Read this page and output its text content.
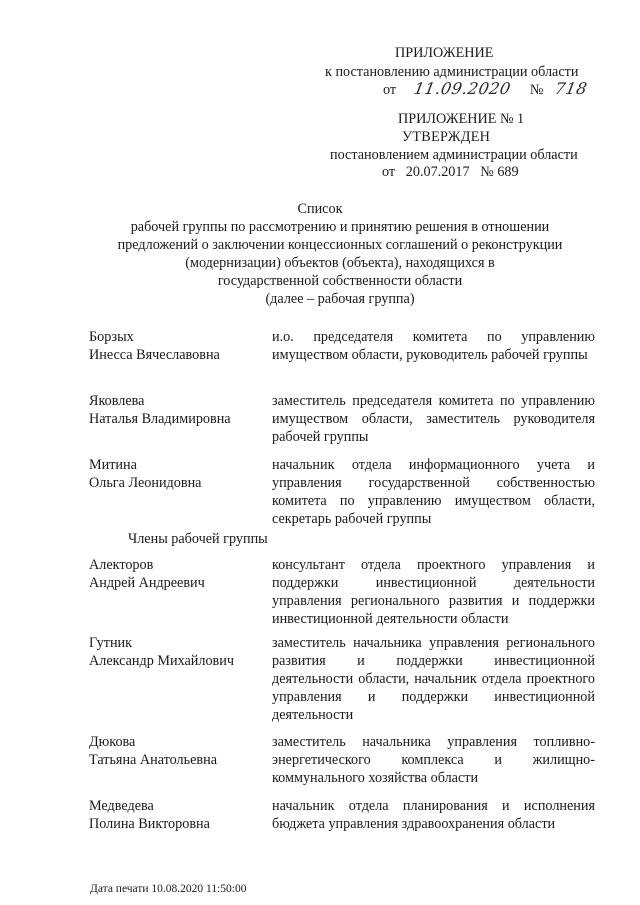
ПРИЛОЖЕНИЕ
к постановлению администрации области
от 11.09.2020 № 718
ПРИЛОЖЕНИЕ № 1
УТВЕРЖДЕН
постановлением администрации области
от   20.07.2017   № 689
Список
рабочей группы по рассмотрению и принятию решения в отношении
предложений о заключении концессионных соглашений о реконструкции
(модернизации) объектов (объекта), находящихся в
государственной собственности области
(далее – рабочая группа)
Борзых
Инесса Вячеславовна
и.о. председателя комитета по управлению имуществом области, руководитель рабочей группы
Яковлева
Наталья Владимировна
заместитель председателя комитета по управлению имуществом области, заместитель руководителя рабочей группы
Митина
Ольга Леонидовна
начальник отдела информационного учета и управления государственной собственностью комитета по управлению имуществом области, секретарь рабочей группы
Члены рабочей группы
Алекторов
Андрей Андреевич
консультант отдела проектного управления и поддержки инвестиционной деятельности управления регионального развития и поддержки инвестиционной деятельности области
Гутник
Александр Михайлович
заместитель начальника управления регионального развития и поддержки инвестиционной деятельности области, начальник отдела проектного управления и поддержки инвестиционной деятельности
Дюкова
Татьяна Анатольевна
заместитель начальника управления топливно-энергетического комплекса и жилищно-коммунального хозяйства области
Медведева
Полина Викторовна
начальник отдела планирования и исполнения бюджета управления здравоохранения области
Дата печати 10.08.2020 11:50:00
